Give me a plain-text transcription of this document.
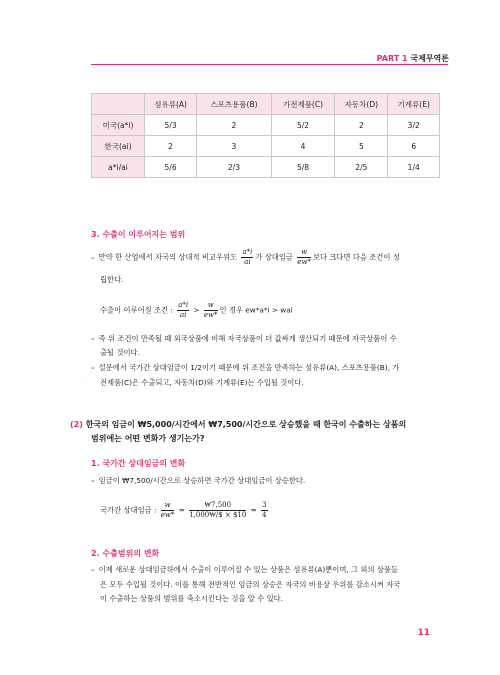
PART 1 국제무역론
	섬유류(A)	스포츠용품(B)	가전제품(C)	자동차(D)	기계류(E)
미국(a*i)	5/3	2	5/2	2	3/2
한국(ai)	2	3	4	5	6
a*i/ai	5/6	2/3	5/8	2/5	1/4
3. 수출이 이루어지는 범위
– 만약 한 산업에서 자국의 상대적 비교우위도 $\frac{a*i}{ai}$ 가 상대임금 $\frac{w}{ew*}$ 보다 크다면 다음 조건이 성
립한다.
수출이 이루어질 조건 : $\frac{a*i}{ai} > \frac{w}{ew*}$ 인 경우 ew*a*i > wai
– 즉 위 조건이 만족될 때 외국상품에 비해 자국상품이 더 값싸게 생산되기 때문에 자국상품이 수
출될 것이다.
– 설문에서 국가간 상대임금이 1/2이기 때문에 위 조건을 만족하는 섬유류(A), 스포츠용품(B), 가
전제품(C)은 수출되고, 자동차(D)와 기계류(E)는 수입될 것이다.
(2) 한국의 임금이 ₩5,000/시간에서 ₩7,500/시간으로 상승했을 때 한국이 수출하는 상품의
범위에는 어떤 변화가 생기는가?
1. 국가간 상대임금의 변화
– 임금이 ₩7,500/시간으로 상승하면 국가간 상대임금이 상승한다.
국가간 상대임금 : $\frac{w}{ew*} = \frac{₩7,500}{1,000₩/\$ \times \$10} = \frac{3}{4}$
2. 수출범위의 변화
– 이제 새로운 상대임금하에서 수출이 이루어질 수 있는 상품은 섬유류(A)뿐이며, 그 외의 상품들
은 모두 수입될 것이다. 이를 통해 전반적인 임금의 상승은 자국의 비용상 우위를 감소시켜 자국
이 수출하는 상품의 범위를 축소시킨다는 것을 알 수 있다.
11
